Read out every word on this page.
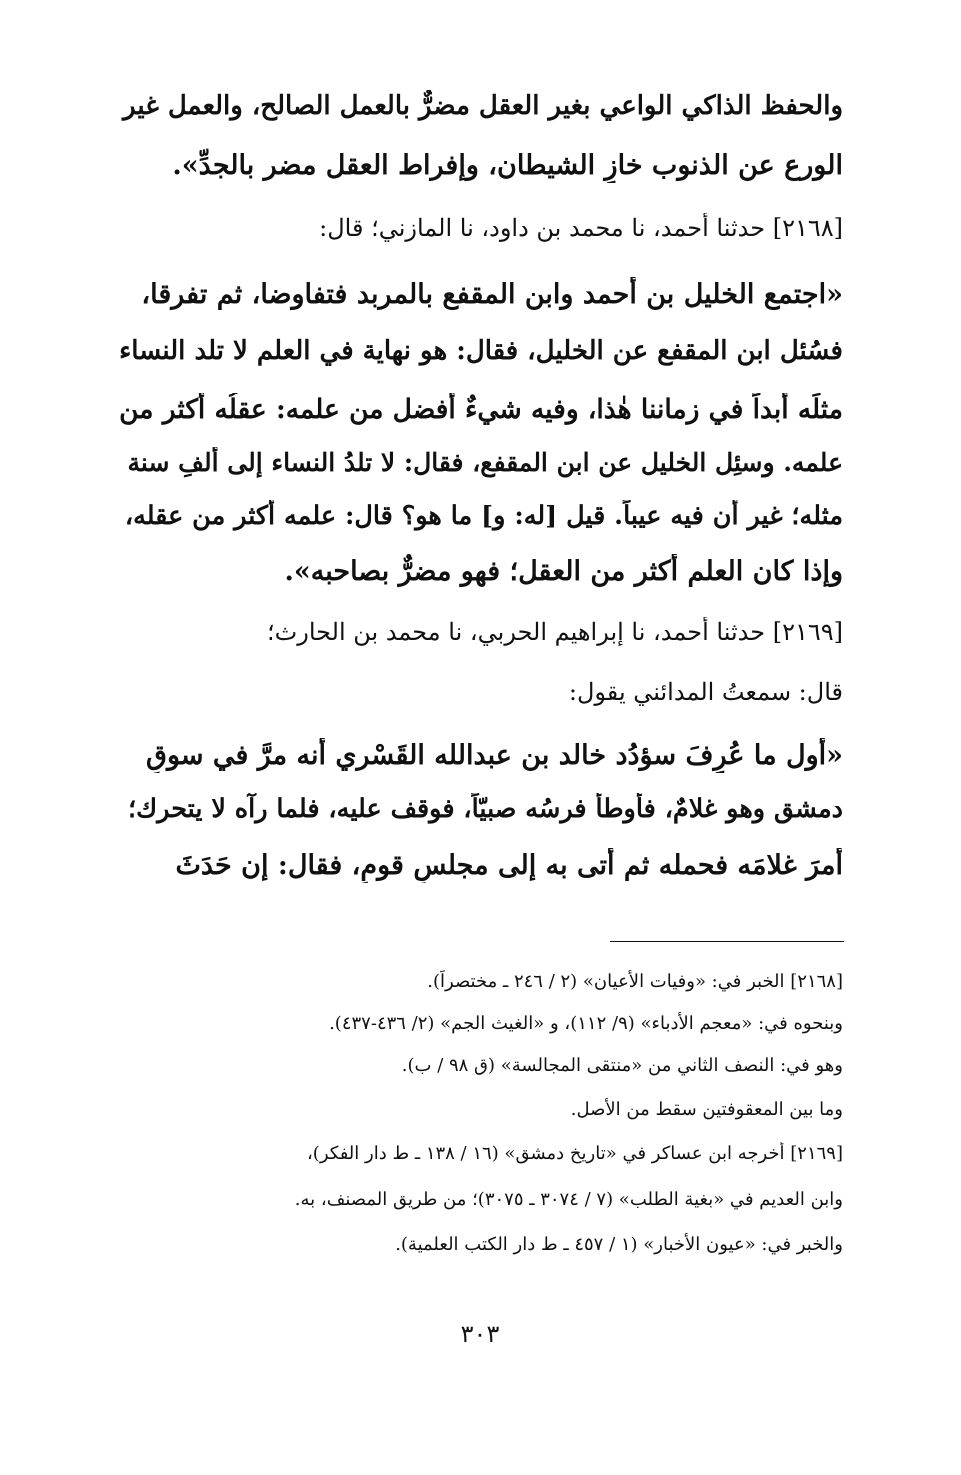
والحفظ الذاكي الواعي بغير العقل مضرٌّ بالعمل الصالح، والعمل غير
الورع عن الذنوب خازِ الشيطان، وإفراط العقل مضر بالجدِّ».
[٢١٦٨] حدثنا أحمد، نا محمد بن داود، نا المازني؛ قال:
«اجتمع الخليل بن أحمد وابن المقفع بالمربد فتفاوضا، ثم تفرقا،
فسُئل ابن المقفع عن الخليل، فقال: هو نهاية في العلم لا تلد النساء
مثلَه أبداً في زماننا هٰذا، وفيه شيءٌ أفضل من علمه: عقلُه أكثر من
علمه. وسئِل الخليل عن ابن المقفع، فقال: لا تلدُ النساء إلى ألفِ سنة
مثله؛ غير أن فيه عيباً. قيل [له: و] ما هو؟ قال: علمه أكثر من عقله،
وإذا كان العلم أكثر من العقل؛ فهو مضرٌّ بصاحبه».
[٢١٦٩] حدثنا أحمد، نا إبراهيم الحربي، نا محمد بن الحارث؛
قال: سمعتُ المدائني يقول:
«أول ما عُرِفَ سؤدُد خالد بن عبدالله القَسْري أنه مرَّ في سوقِ
دمشق وهو غلامٌ، فأوطأ فرسُه صبيّاً، فوقف عليه، فلما رآه لا يتحرك؛
أمرَ غلامَه فحمله ثم أتى به إلى مجلسِ قومٍ، فقال: إن حَدَثَ
[٢١٦٨] الخبر في: «وفيات الأعيان» (٢ / ٢٤٦ ـ مختصراً).
وبنحوه في: «معجم الأدباء» (٩/ ١١٢)، و «الغيث الجم» (٢/ ٤٣٦-٤٣٧).
وهو في: النصف الثاني من «منتقى المجالسة» (ق ٩٨ / ب).
وما بين المعقوفتين سقط من الأصل.
[٢١٦٩] أخرجه ابن عساكر في «تاريخ دمشق» (١٦ / ١٣٨ ـ ط دار الفكر)،
وابن العديم في «بغية الطلب» (٧ / ٣٠٧٤ ـ ٣٠٧٥)؛ من طريق المصنف، به.
والخبر في: «عيون الأخبار» (١ / ٤٥٧ ـ ط دار الكتب العلمية).
٣٠٣
